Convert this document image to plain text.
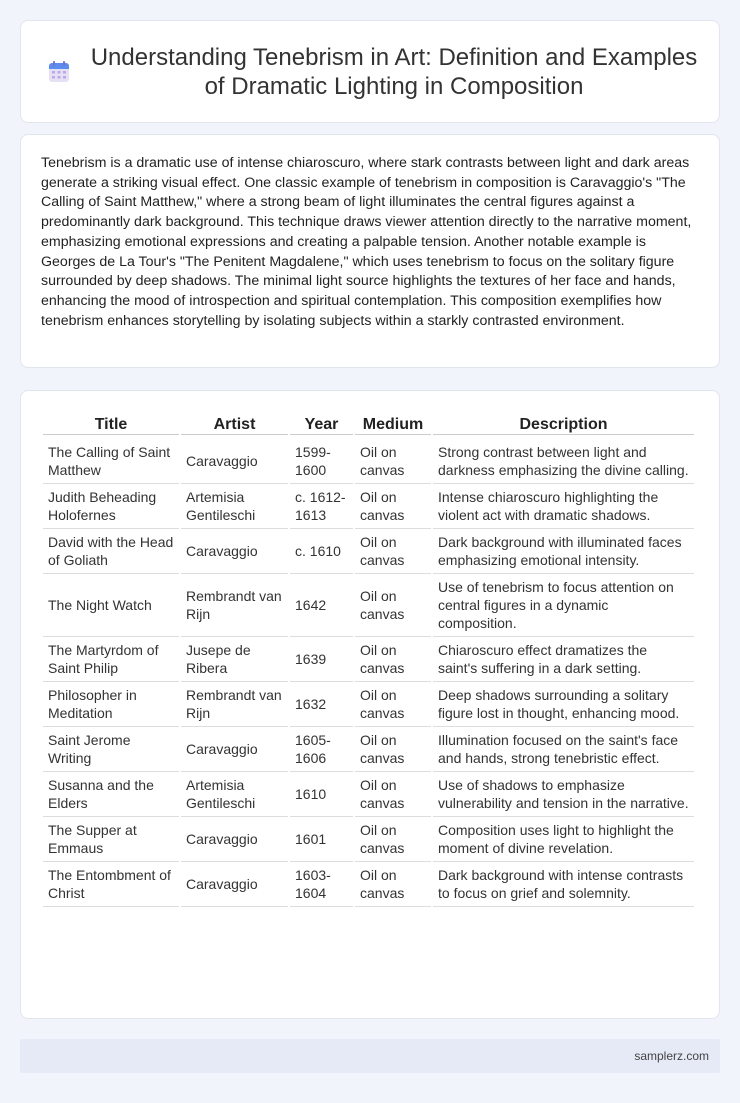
Understanding Tenebrism in Art: Definition and Examples of Dramatic Lighting in Composition

Tenebrism is a dramatic use of intense chiaroscuro, where stark contrasts between light and dark areas generate a striking visual effect. One classic example of tenebrism in composition is Caravaggio's "The Calling of Saint Matthew," where a strong beam of light illuminates the central figures against a predominantly dark background. This technique draws viewer attention directly to the narrative moment, emphasizing emotional expressions and creating a palpable tension. Another notable example is Georges de La Tour's "The Penitent Magdalene," which uses tenebrism to focus on the solitary figure surrounded by deep shadows. The minimal light source highlights the textures of her face and hands, enhancing the mood of introspection and spiritual contemplation. This composition exemplifies how tenebrism enhances storytelling by isolating subjects within a starkly contrasted environment.

Title	Artist	Year	Medium	Description
The Calling of Saint Matthew	Caravaggio	1599-1600	Oil on canvas	Strong contrast between light and darkness emphasizing the divine calling.
Judith Beheading Holofernes	Artemisia Gentileschi	c. 1612-1613	Oil on canvas	Intense chiaroscuro highlighting the violent act with dramatic shadows.
David with the Head of Goliath	Caravaggio	c. 1610	Oil on canvas	Dark background with illuminated faces emphasizing emotional intensity.
The Night Watch	Rembrandt van Rijn	1642	Oil on canvas	Use of tenebrism to focus attention on central figures in a dynamic composition.
The Martyrdom of Saint Philip	Jusepe de Ribera	1639	Oil on canvas	Chiaroscuro effect dramatizes the saint's suffering in a dark setting.
Philosopher in Meditation	Rembrandt van Rijn	1632	Oil on canvas	Deep shadows surrounding a solitary figure lost in thought, enhancing mood.
Saint Jerome Writing	Caravaggio	1605-1606	Oil on canvas	Illumination focused on the saint's face and hands, strong tenebristic effect.
Susanna and the Elders	Artemisia Gentileschi	1610	Oil on canvas	Use of shadows to emphasize vulnerability and tension in the narrative.
The Supper at Emmaus	Caravaggio	1601	Oil on canvas	Composition uses light to highlight the moment of divine revelation.
The Entombment of Christ	Caravaggio	1603-1604	Oil on canvas	Dark background with intense contrasts to focus on grief and solemnity.
samplerz.com
